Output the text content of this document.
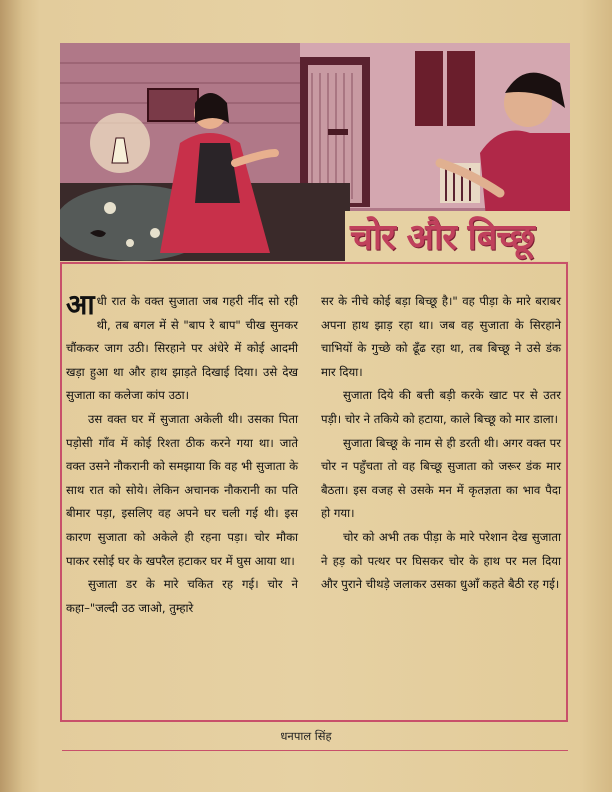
चोर और बिच्छू

आधी रात के वक्त सुजाता जब गहरी नींद सो रही थी, तब बगल में से "बाप रे बाप" चीख सुनकर चौंककर जाग उठी। सिरहाने पर अंधेरे में कोई आदमी खड़ा हुआ था और हाथ झाड़ते दिखाई दिया। उसे देख सुजाता का कलेजा कांप उठा।

उस वक्त घर में सुजाता अकेली थी। उसका पिता पड़ोसी गाँव में कोई रिश्ता ठीक करने गया था। जाते वक्त उसने नौकरानी को समझाया कि वह भी सुजाता के साथ रात को सोये। लेकिन अचानक नौकरानी का पति बीमार पड़ा, इसलिए वह अपने घर चली गई थी। इस कारण सुजाता को अकेले ही रहना पड़ा। चोर मौका पाकर रसोई घर के खपरैल हटाकर घर में घुस आया था।

सुजाता डर के मारे चकित रह गई। चोर ने कहा–"जल्दी उठ जाओ, तुम्हारे

सर के नीचे कोई बड़ा बिच्छू है।" वह पीड़ा के मारे बराबर अपना हाथ झाड़ रहा था। जब वह सुजाता के सिरहाने चाभियों के गुच्छे को ढूँढ रहा था, तब बिच्छू ने उसे डंक मार दिया।

सुजाता दिये की बत्ती बड़ी करके खाट पर से उतर पड़ी। चोर ने तकिये को हटाया, काले बिच्छू को मार डाला।

सुजाता बिच्छू के नाम से ही डरती थी। अगर वक्त पर चोर न पहुँचता तो वह बिच्छू सुजाता को जरूर डंक मार बैठता। इस वजह से उसके मन में कृतज्ञता का भाव पैदा हो गया।

चोर को अभी तक पीड़ा के मारे परेशान देख सुजाता ने हड़ को पत्थर पर घिसकर चोर के हाथ पर मल दिया और पुराने चीथड़े जलाकर उसका धुआँ कहते बैठी रह गई।

धनपाल सिंह
